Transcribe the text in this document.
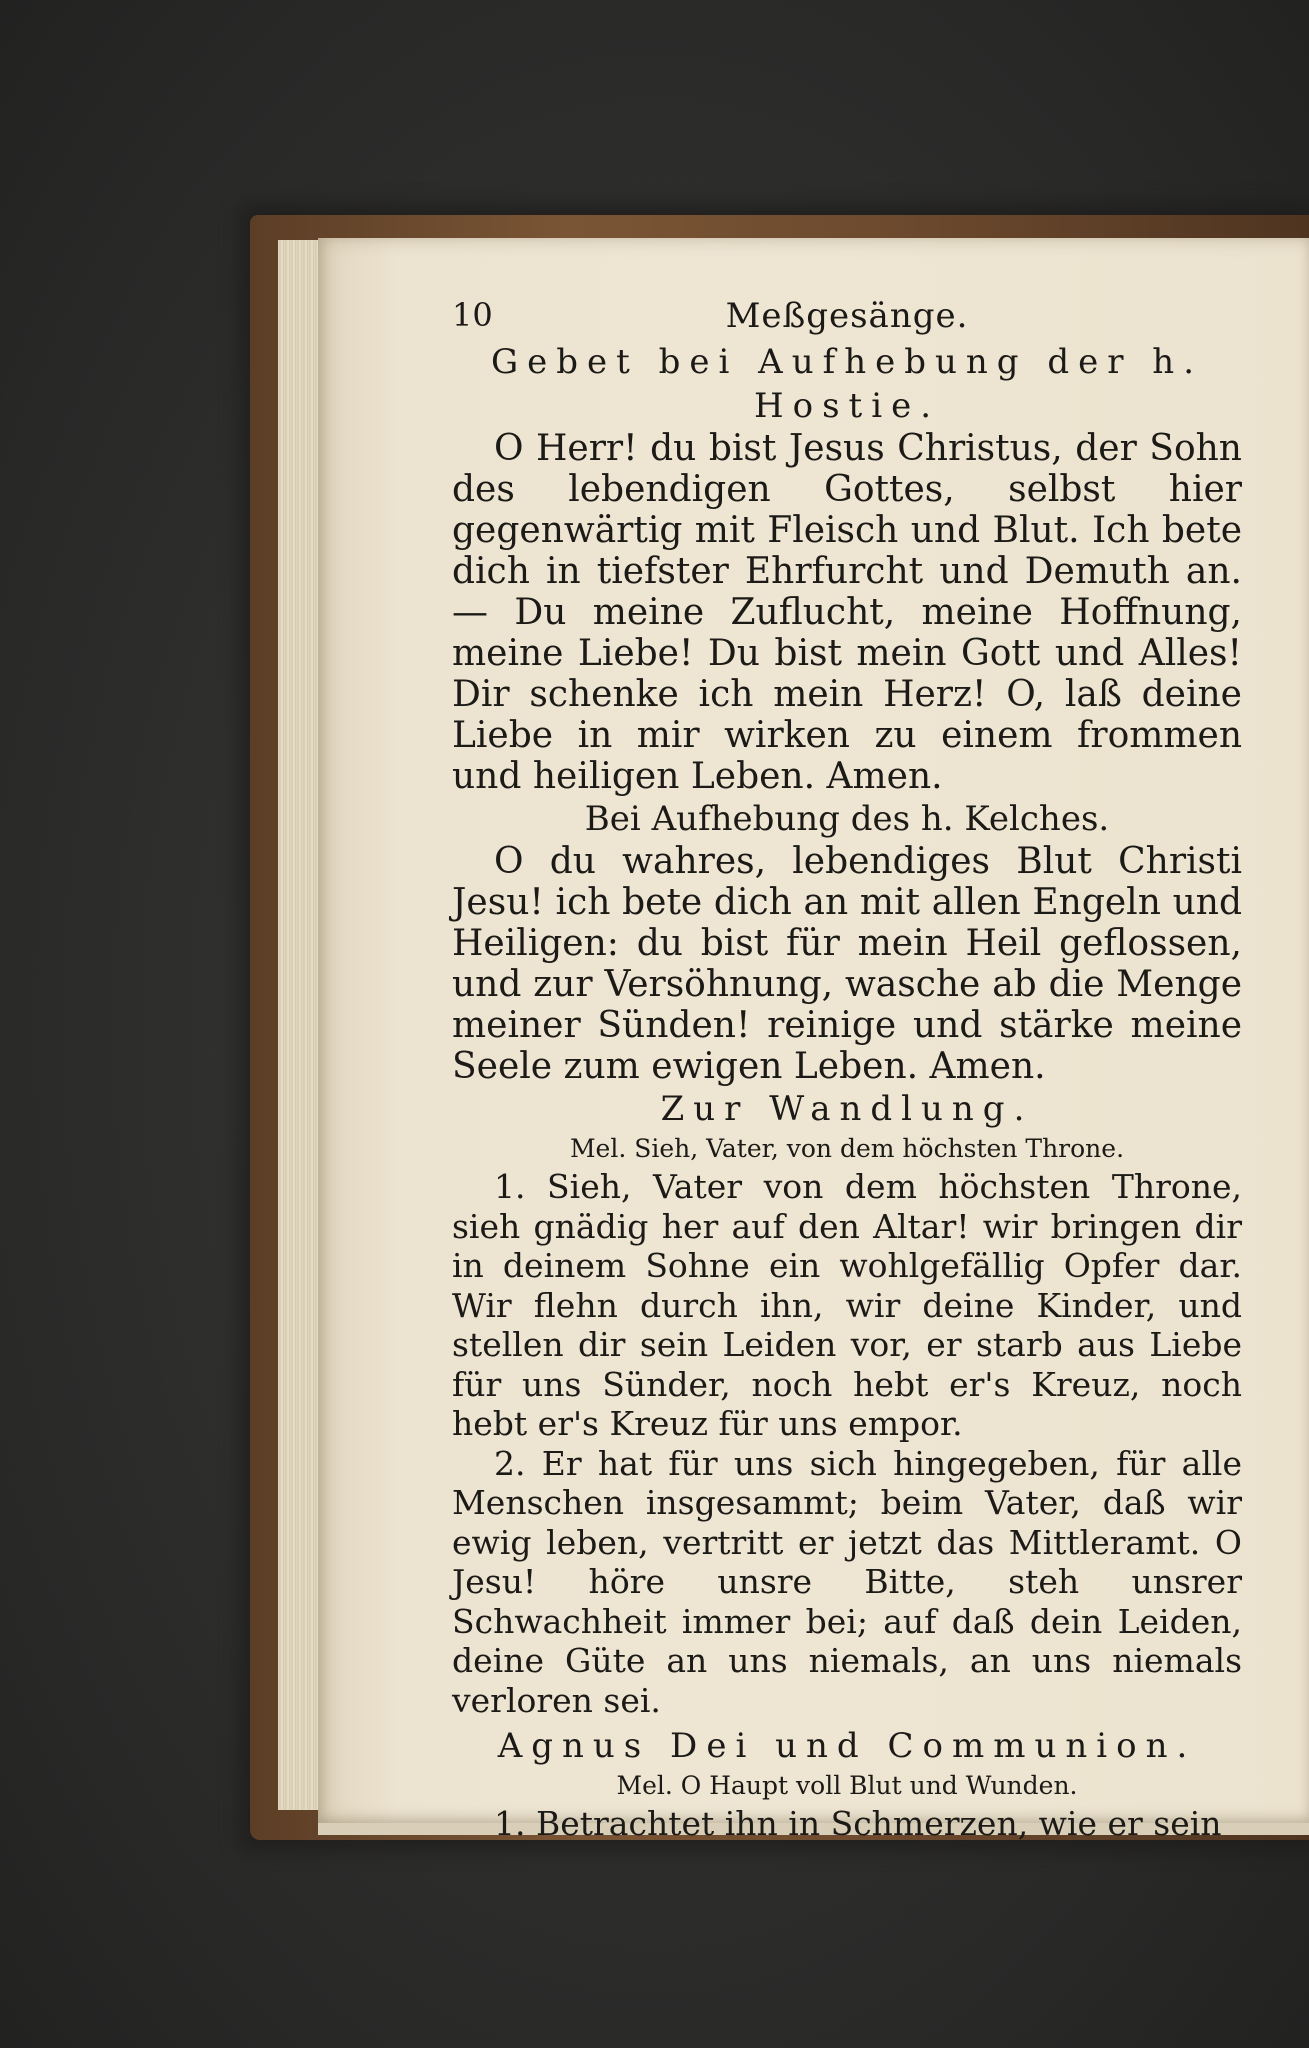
10	Meßgesänge.
Gebet bei Aufhebung der h. Hostie.

O Herr! du bist Jesus Christus, der Sohn des lebendigen Gottes, selbst hier gegenwärtig mit Fleisch und Blut. Ich bete dich in tiefster Ehrfurcht und Demuth an. — Du meine Zuflucht, meine Hoffnung, meine Liebe! Du bist mein Gott und Alles! Dir schenke ich mein Herz! O, laß deine Liebe in mir wirken zu einem frommen und heiligen Leben. Amen.

Bei Aufhebung des h. Kelches.

O du wahres, lebendiges Blut Christi Jesu! ich bete dich an mit allen Engeln und Heiligen: du bist für mein Heil geflossen, und zur Versöhnung, wasche ab die Menge meiner Sünden! reinige und stärke meine Seele zum ewigen Leben. Amen.

Zur Wandlung.

Mel. Sieh, Vater, von dem höchsten Throne.

1. Sieh, Vater von dem höchsten Throne, sieh gnädig her auf den Altar! wir bringen dir in deinem Sohne ein wohlgefällig Opfer dar. Wir flehn durch ihn, wir deine Kinder, und stellen dir sein Leiden vor, er starb aus Liebe für uns Sünder, noch hebt er's Kreuz, noch hebt er's Kreuz für uns empor.

2. Er hat für uns sich hingegeben, für alle Menschen insgesammt; beim Vater, daß wir ewig leben, vertritt er jetzt das Mittleramt. O Jesu! höre unsre Bitte, steh unsrer Schwachheit immer bei; auf daß dein Leiden, deine Güte an uns niemals, an uns niemals verloren sei.

Agnus Dei und Communion.

Mel. O Haupt voll Blut und Wunden.

1. Betrachtet ihn in Schmerzen, wie er sein
